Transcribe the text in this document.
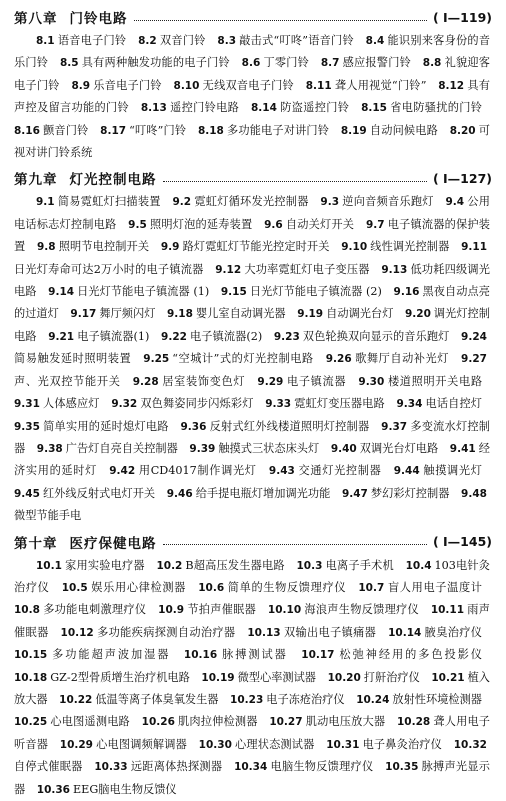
第八章 门铃电路	( I—119)

8.1 语音电子门铃 8.2 双音门铃 8.3 敲击式“叮咚”语音门铃 8.4 能识别来客身份的音乐门铃 8.5 具有两种触发功能的电子门铃 8.6 丁零门铃 8.7 感应报警门铃 8.8 礼貌迎客电子门铃 8.9 乐音电子门铃 8.10 无线双音电子门铃 8.11 聋人用视觉“门铃” 8.12 具有声控及留言功能的门铃 8.13 遥控门铃电路 8.14 防盗遥控门铃 8.15 省电防骚扰的门铃 8.16 颤音门铃 8.17 “叮咚”门铃 8.18 多功能电子对讲门铃 8.19 自动问候电路 8.20 可视对讲门铃系统

第九章 灯光控制电路	( I—127)

9.1 简易霓虹灯扫描装置 9.2 霓虹灯循环发光控制器 9.3 逆向音频音乐跑灯 9.4 公用电话标志灯控制电路 9.5 照明灯泡的延寿装置 9.6 自动关灯开关 9.7 电子镇流器的保护装置 9.8 照明节电控制开关 9.9 路灯霓虹灯节能光控定时开关 9.10 线性调光控制器 9.11日光灯寿命可达2万小时的电子镇流器 9.12 大功率霓虹灯电子变压器 9.13 低功耗四级调光电路 9.14 日光灯节能电子镇流器 (1) 9.15 日光灯节能电子镇流器 (2) 9.16 黑夜自动点亮的过道灯 9.17 舞厅频闪灯 9.18 婴儿室自动调光器 9.19 自动调光台灯 9.20 调光灯控制电路 9.21 电子镇流器(1) 9.22 电子镇流器(2) 9.23 双色轮换双向显示的音乐跑灯 9.24简易触发延时照明装置 9.25 “空城计”式的灯光控制电路 9.26 歌舞厅自动补光灯 9.27声、光双控节能开关 9.28 居室装饰变色灯 9.29 电子镇流器 9.30 楼道照明开关电路 9.31 人体感应灯 9.32 双色舞姿同步闪烁彩灯 9.33 霓虹灯变压器电路 9.34 电话自控灯 9.35 简单实用的延时熄灯电路 9.36 反射式红外线楼道照明灯控制器 9.37 多变流水灯控制器 9.38 广告灯自亮自关控制器 9.39 触摸式三状态床头灯 9.40 双调光台灯电路 9.41 经济实用的延时灯 9.42 用CD4017制作调光灯 9.43 交通灯光控制器 9.44 触摸调光灯 9.45 红外线反射式电灯开关 9.46 给手提电瓶灯增加调光功能 9.47 梦幻彩灯控制器 9.48微型节能手电

第十章 医疗保健电路	( I—145)

10.1 家用实验电疗器 10.2 B超高压发生器电路 10.3 电离子手术机 10.4 103电针灸治疗仪 10.5 娱乐用心律检测器 10.6 简单的生物反馈理疗仪 10.7 盲人用电子温度计 10.8 多功能电刺激理疗仪 10.9 节拍声催眠器 10.10 海浪声生物反馈理疗仪 10.11 雨声催眠器 10.12 多功能疾病探测自动治疗器 10.13 双输出电子镇痛器 10.14 腋臭治疗仪 10.15 多功能超声波加湿器 10.16 脉搏测试器 10.17 松弛神经用的多色投影仪 10.18 GZ-2型骨质增生治疗机电路 10.19 微型心率测试器 10.20 打鼾治疗仪 10.21 植入放大器 10.22 低温等离子体臭氧发生器 10.23 电子冻疮治疗仪 10.24 放射性环境检测器 10.25 心电图遥测电路 10.26 肌肉拉伸检测器 10.27 肌动电压放大器 10.28 聋人用电子听音器 10.29 心电图调频解调器 10.30 心理状态测试器 10.31 电子鼻灸治疗仪 10.32自停式催眠器 10.33 远距离体热探测器 10.34 电脑生物反馈理疗仪 10.35 脉搏声光显示器 10.36 EEG脑电生物反馈仪
